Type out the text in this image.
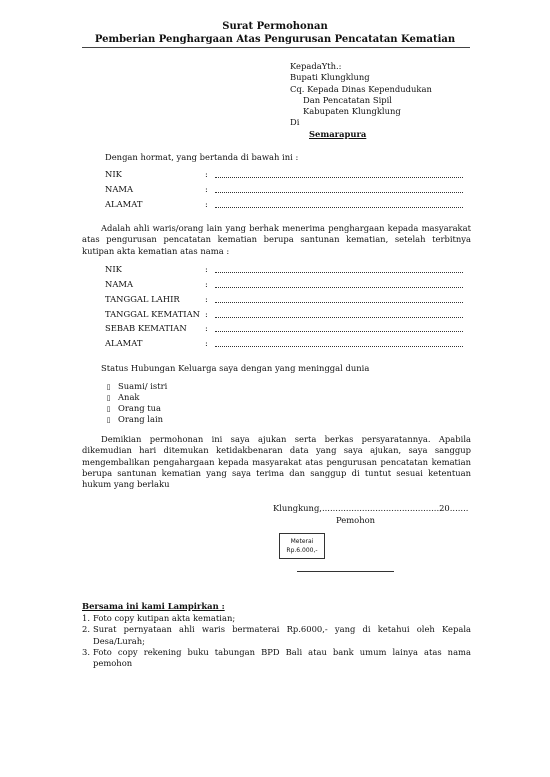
Surat Permohonan
Pemberian Penghargaan Atas Pengurusan Pencatatan Kematian
KepadaYth.:
Bupati Klungklung
Cq. Kepada Dinas Kependudukan
Dan Pencatatan Sipil
Kabupaten Klungklung
Di
Semarapura
Dengan hormat, yang bertanda di bawah ini :
NIK	:
NAMA	:
ALAMAT	:
Adalah ahli waris/orang lain yang berhak menerima penghargaan kepada masyarakat atas pengurusan pencatatan kematian berupa santunan kematian, setelah terbitnya kutipan akta kematian atas nama :
NIK	:
NAMA	:
TANGGAL LAHIR	:
TANGGAL KEMATIAN :
SEBAB KEMATIAN :
ALAMAT	:
Status Hubungan Keluarga saya dengan yang meninggal dunia
▯ Suami/ istri
▯ Anak
▯ Orang tua
▯ Orang lain
Demikian permohonan ini saya ajukan serta berkas persyaratannya. Apabila dikemudian hari ditemukan ketidakbenaran data yang saya ajukan, saya sanggup mengembalikan pengahargaan kepada masyarakat atas pengurusan pencatatan kematian berupa santunan kematian yang saya terima dan sanggup di tuntut sesuai ketentuan hukum yang berlaku
Klungkung,............................................20.......
Pemohon
Meterai
Rp.6.000,-
Bersama ini kami Lampirkan :
1. Foto copy kutipan akta kematian;
2. Surat pernyataan ahli waris bermaterai Rp.6000,- yang di ketahui oleh Kepala Desa/Lurah;
3. Foto copy rekening buku tabungan BPD Bali atau bank umum lainya atas nama pemohon
